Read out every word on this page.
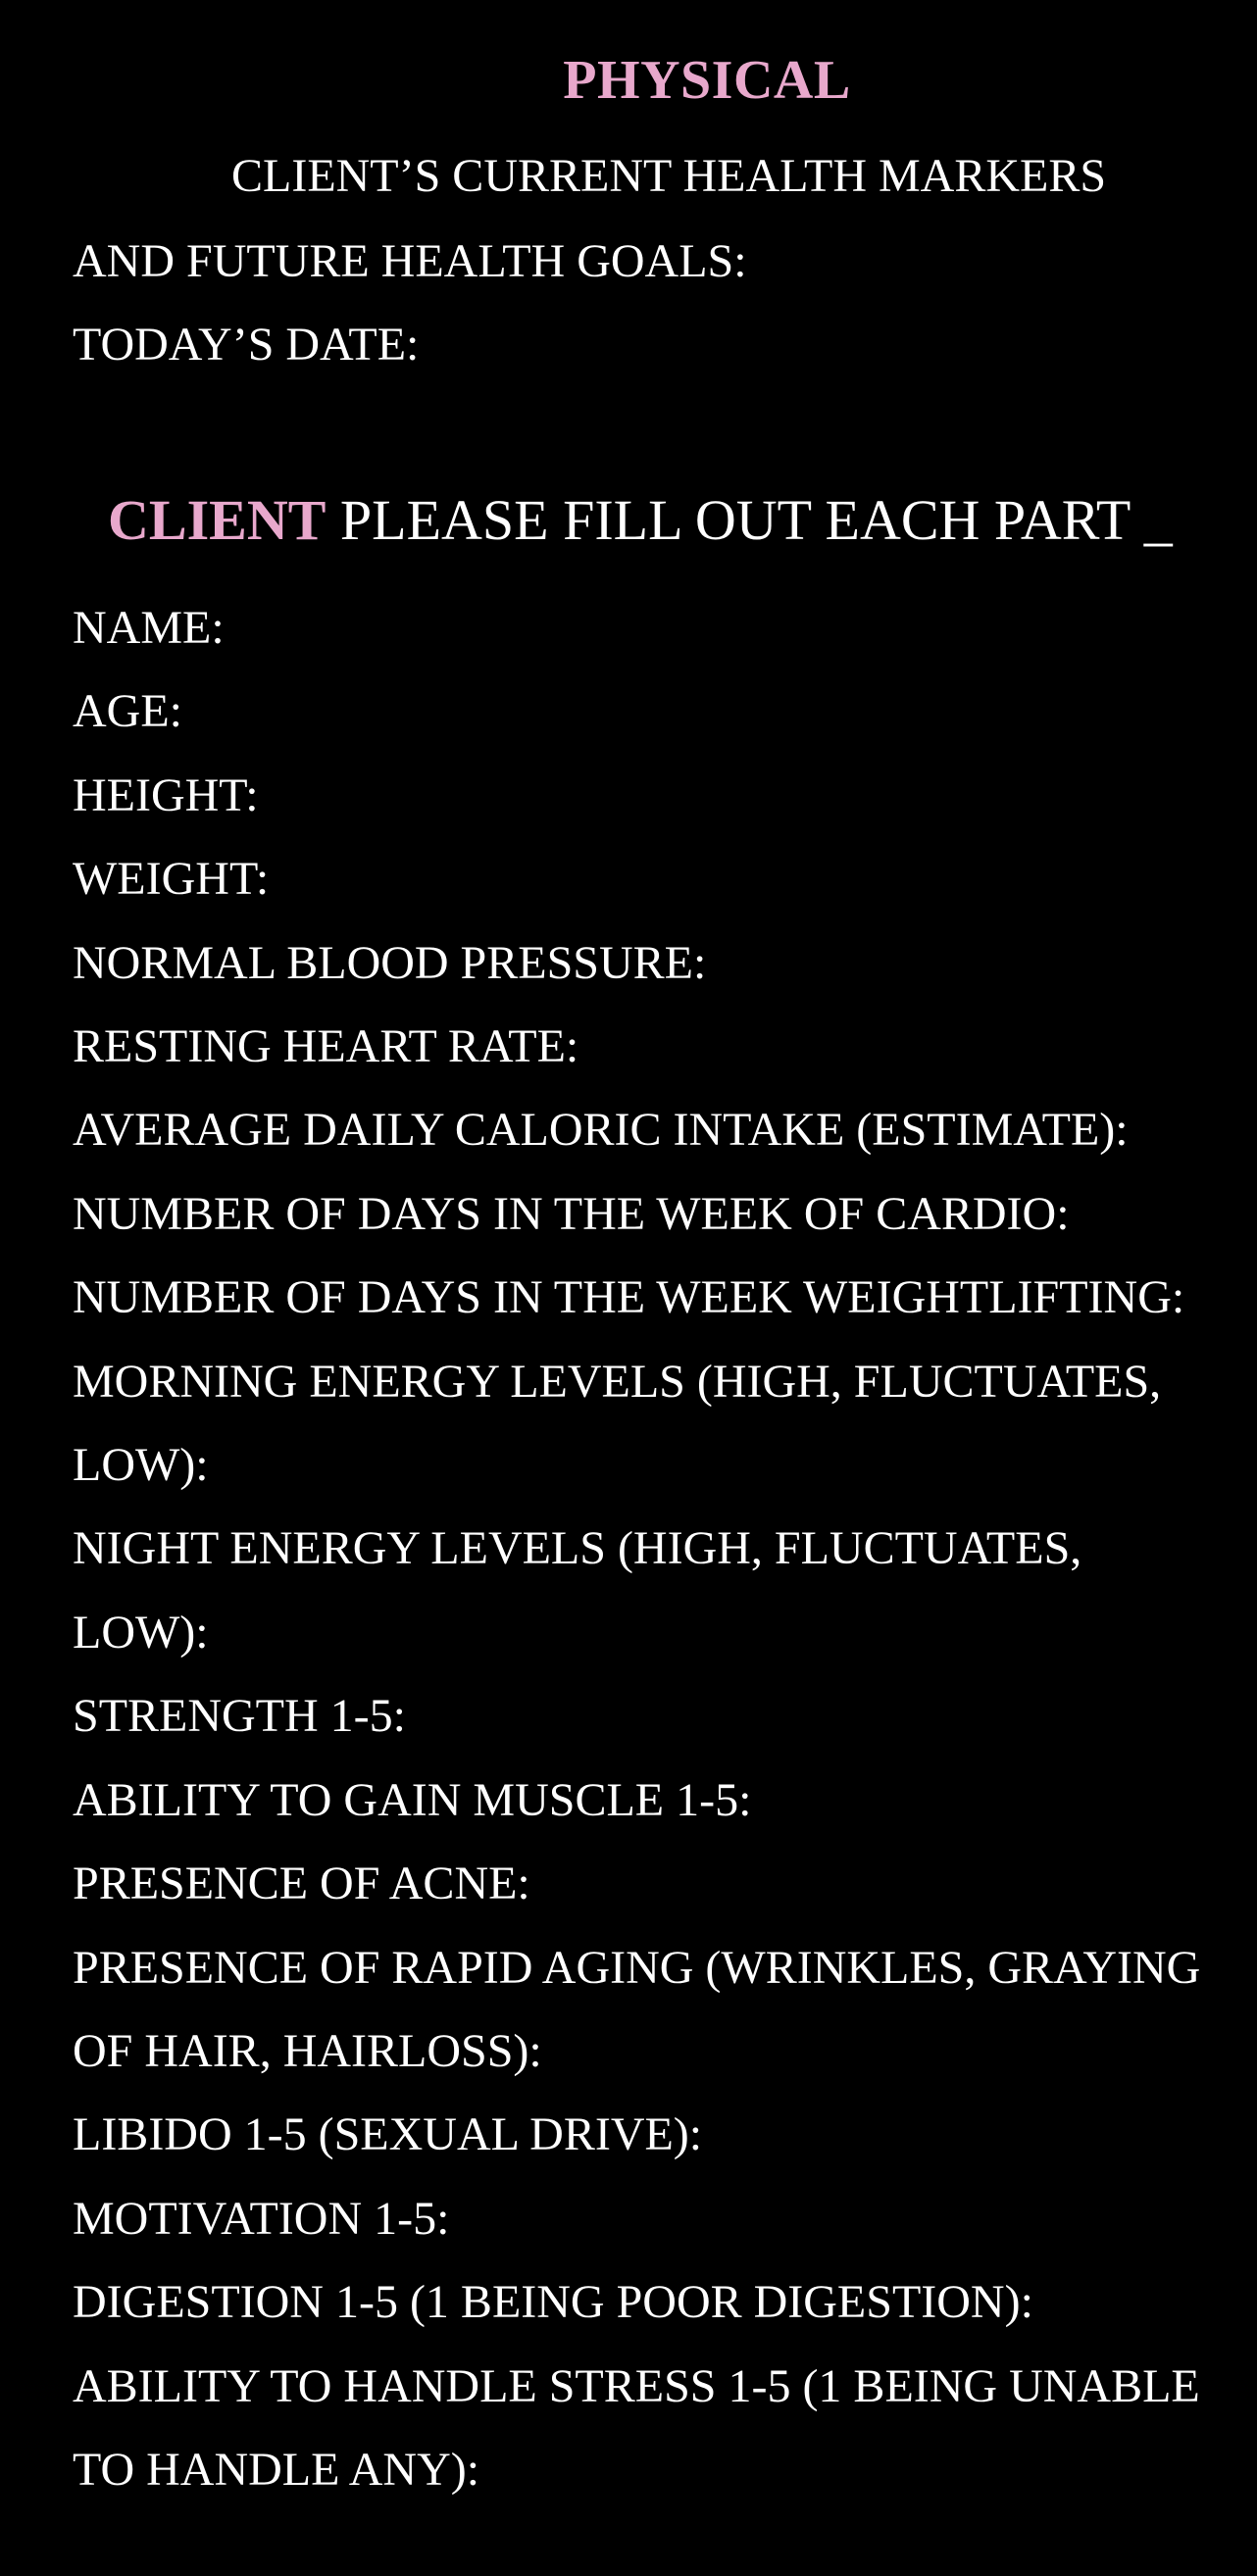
PHYSICAL
CLIENT’S CURRENT HEALTH MARKERS
AND FUTURE HEALTH GOALS:
TODAY’S DATE:
CLIENT PLEASE FILL OUT EACH PART _
NAME:
AGE:
HEIGHT:
WEIGHT:
NORMAL BLOOD PRESSURE:
RESTING HEART RATE:
AVERAGE DAILY CALORIC INTAKE (ESTIMATE):
NUMBER OF DAYS IN THE WEEK OF CARDIO:
NUMBER OF DAYS IN THE WEEK WEIGHTLIFTING:
MORNING ENERGY LEVELS (HIGH, FLUCTUATES,
LOW):
NIGHT ENERGY LEVELS (HIGH, FLUCTUATES,
LOW):
STRENGTH 1-5:
ABILITY TO GAIN MUSCLE 1-5:
PRESENCE OF ACNE:
PRESENCE OF RAPID AGING (WRINKLES, GRAYING
OF HAIR, HAIRLOSS):
LIBIDO 1-5 (SEXUAL DRIVE):
MOTIVATION 1-5:
DIGESTION 1-5 (1 BEING POOR DIGESTION):
ABILITY TO HANDLE STRESS 1-5 (1 BEING UNABLE
TO HANDLE ANY):
